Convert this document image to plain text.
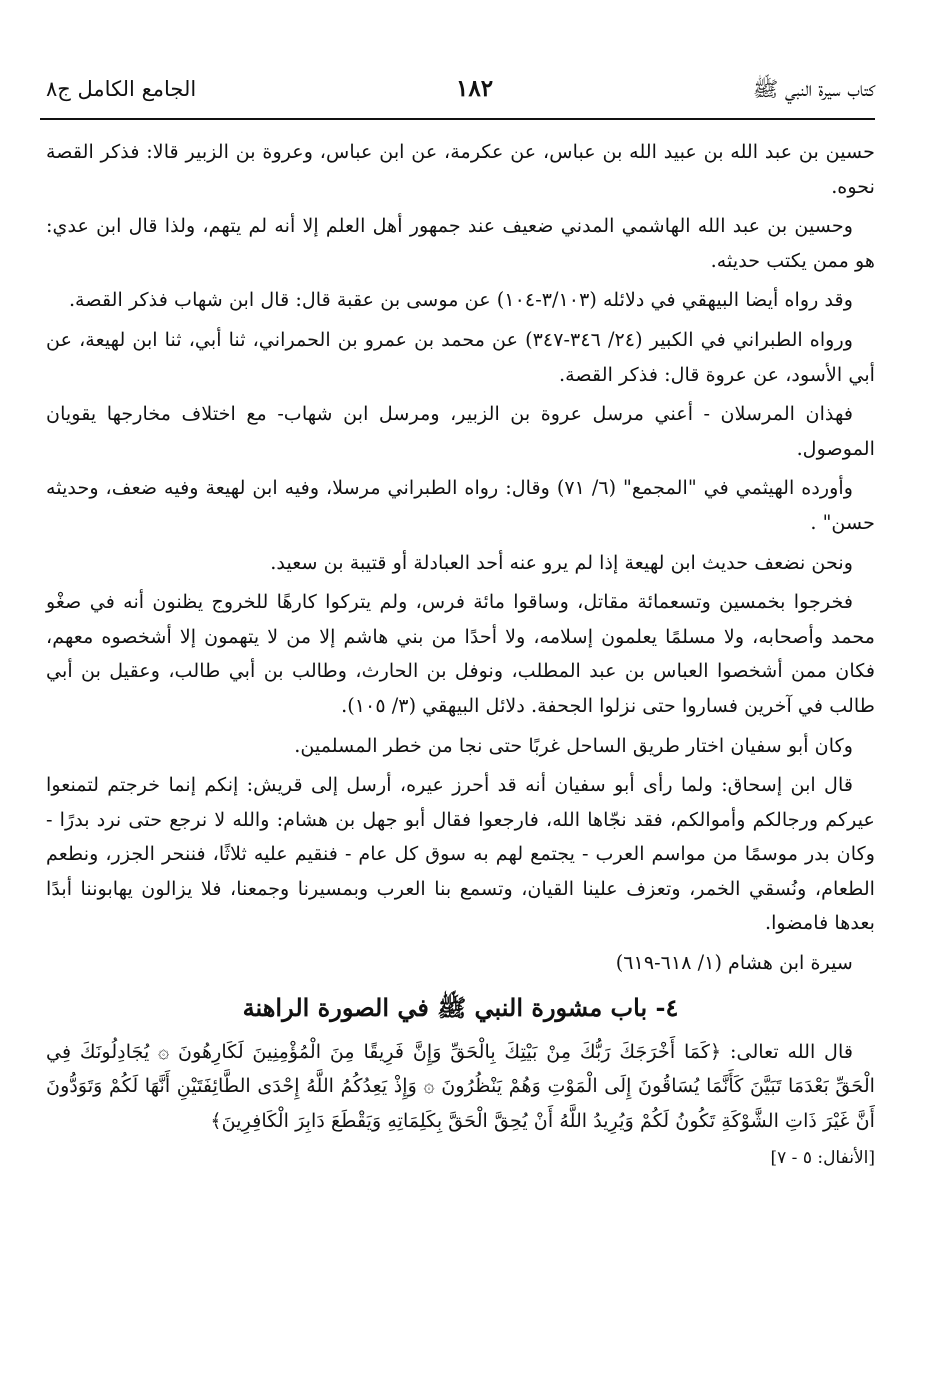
كتاب سيرة النبي ﷺ
١٨٢
الجامع الكامل ج٨

حسين بن عبد الله بن عبيد الله بن عباس، عن عكرمة، عن ابن عباس، وعروة بن الزبير قالا: فذكر القصة نحوه.

وحسين بن عبد الله الهاشمي المدني ضعيف عند جمهور أهل العلم إلا أنه لم يتهم، ولذا قال ابن عدي: هو ممن يكتب حديثه.

وقد رواه أيضا البيهقي في دلائله (٣/١٠٣-١٠٤) عن موسى بن عقبة قال: قال ابن شهاب فذكر القصة.

ورواه الطبراني في الكبير (٢٤/ ٣٤٦-٣٤٧) عن محمد بن عمرو بن الحمراني، ثنا أبي، ثنا ابن لهيعة، عن أبي الأسود، عن عروة قال: فذكر القصة.

فهذان المرسلان - أعني مرسل عروة بن الزبير، ومرسل ابن شهاب- مع اختلاف مخارجها يقويان الموصول.

وأورده الهيثمي في "المجمع" (٦/ ٧١) وقال: رواه الطبراني مرسلا، وفيه ابن لهيعة وفيه ضعف، وحديثه حسن" .

ونحن نضعف حديث ابن لهيعة إذا لم يرو عنه أحد العبادلة أو قتيبة بن سعيد.

فخرجوا بخمسين وتسعمائة مقاتل، وساقوا مائة فرس، ولم يتركوا كارهًا للخروج يظنون أنه في صغْو محمد وأصحابه، ولا مسلمًا يعلمون إسلامه، ولا أحدًا من بني هاشم إلا من لا يتهمون إلا أشخصوه معهم، فكان ممن أشخصوا العباس بن عبد المطلب، ونوفل بن الحارث، وطالب بن أبي طالب، وعقيل بن أبي طالب في آخرين فساروا حتى نزلوا الجحفة. دلائل البيهقي (٣/ ١٠٥).

وكان أبو سفيان اختار طريق الساحل غربًا حتى نجا من خطر المسلمين.

قال ابن إسحاق: ولما رأى أبو سفيان أنه قد أحرز عيره، أرسل إلى قريش: إنكم إنما خرجتم لتمنعوا عيركم ورجالكم وأموالكم، فقد نجّاها الله، فارجعوا فقال أبو جهل بن هشام: والله لا نرجع حتى نرد بدرًا - وكان بدر موسمًا من مواسم العرب - يجتمع لهم به سوق كل عام - فنقيم عليه ثلاثًا، فننحر الجزر، ونطعم الطعام، ونُسقي الخمر، وتعزف علينا القيان، وتسمع بنا العرب وبمسيرنا وجمعنا، فلا يزالون يهابوننا أبدًا بعدها فامضوا.

سيرة ابن هشام (١/ ٦١٨-٦١٩)

٤- باب مشورة النبي ﷺ في الصورة الراهنة

قال الله تعالى: ﴿كَمَا أَخْرَجَكَ رَبُّكَ مِنْ بَيْتِكَ بِالْحَقِّ وَإِنَّ فَرِيقًا مِنَ الْمُؤْمِنِينَ لَكَارِهُونَ ۞ يُجَادِلُونَكَ فِي الْحَقِّ بَعْدَمَا تَبَيَّنَ كَأَنَّمَا يُسَاقُونَ إِلَى الْمَوْتِ وَهُمْ يَنْظُرُونَ ۞ وَإِذْ يَعِدُكُمُ اللَّهُ إِحْدَى الطَّائِفَتَيْنِ أَنَّهَا لَكُمْ وَتَوَدُّونَ أَنَّ غَيْرَ ذَاتِ الشَّوْكَةِ تَكُونُ لَكُمْ وَيُرِيدُ اللَّهُ أَنْ يُحِقَّ الْحَقَّ بِكَلِمَاتِهِ وَيَقْطَعَ دَابِرَ الْكَافِرِينَ﴾

[الأنفال: ٥ - ٧]
